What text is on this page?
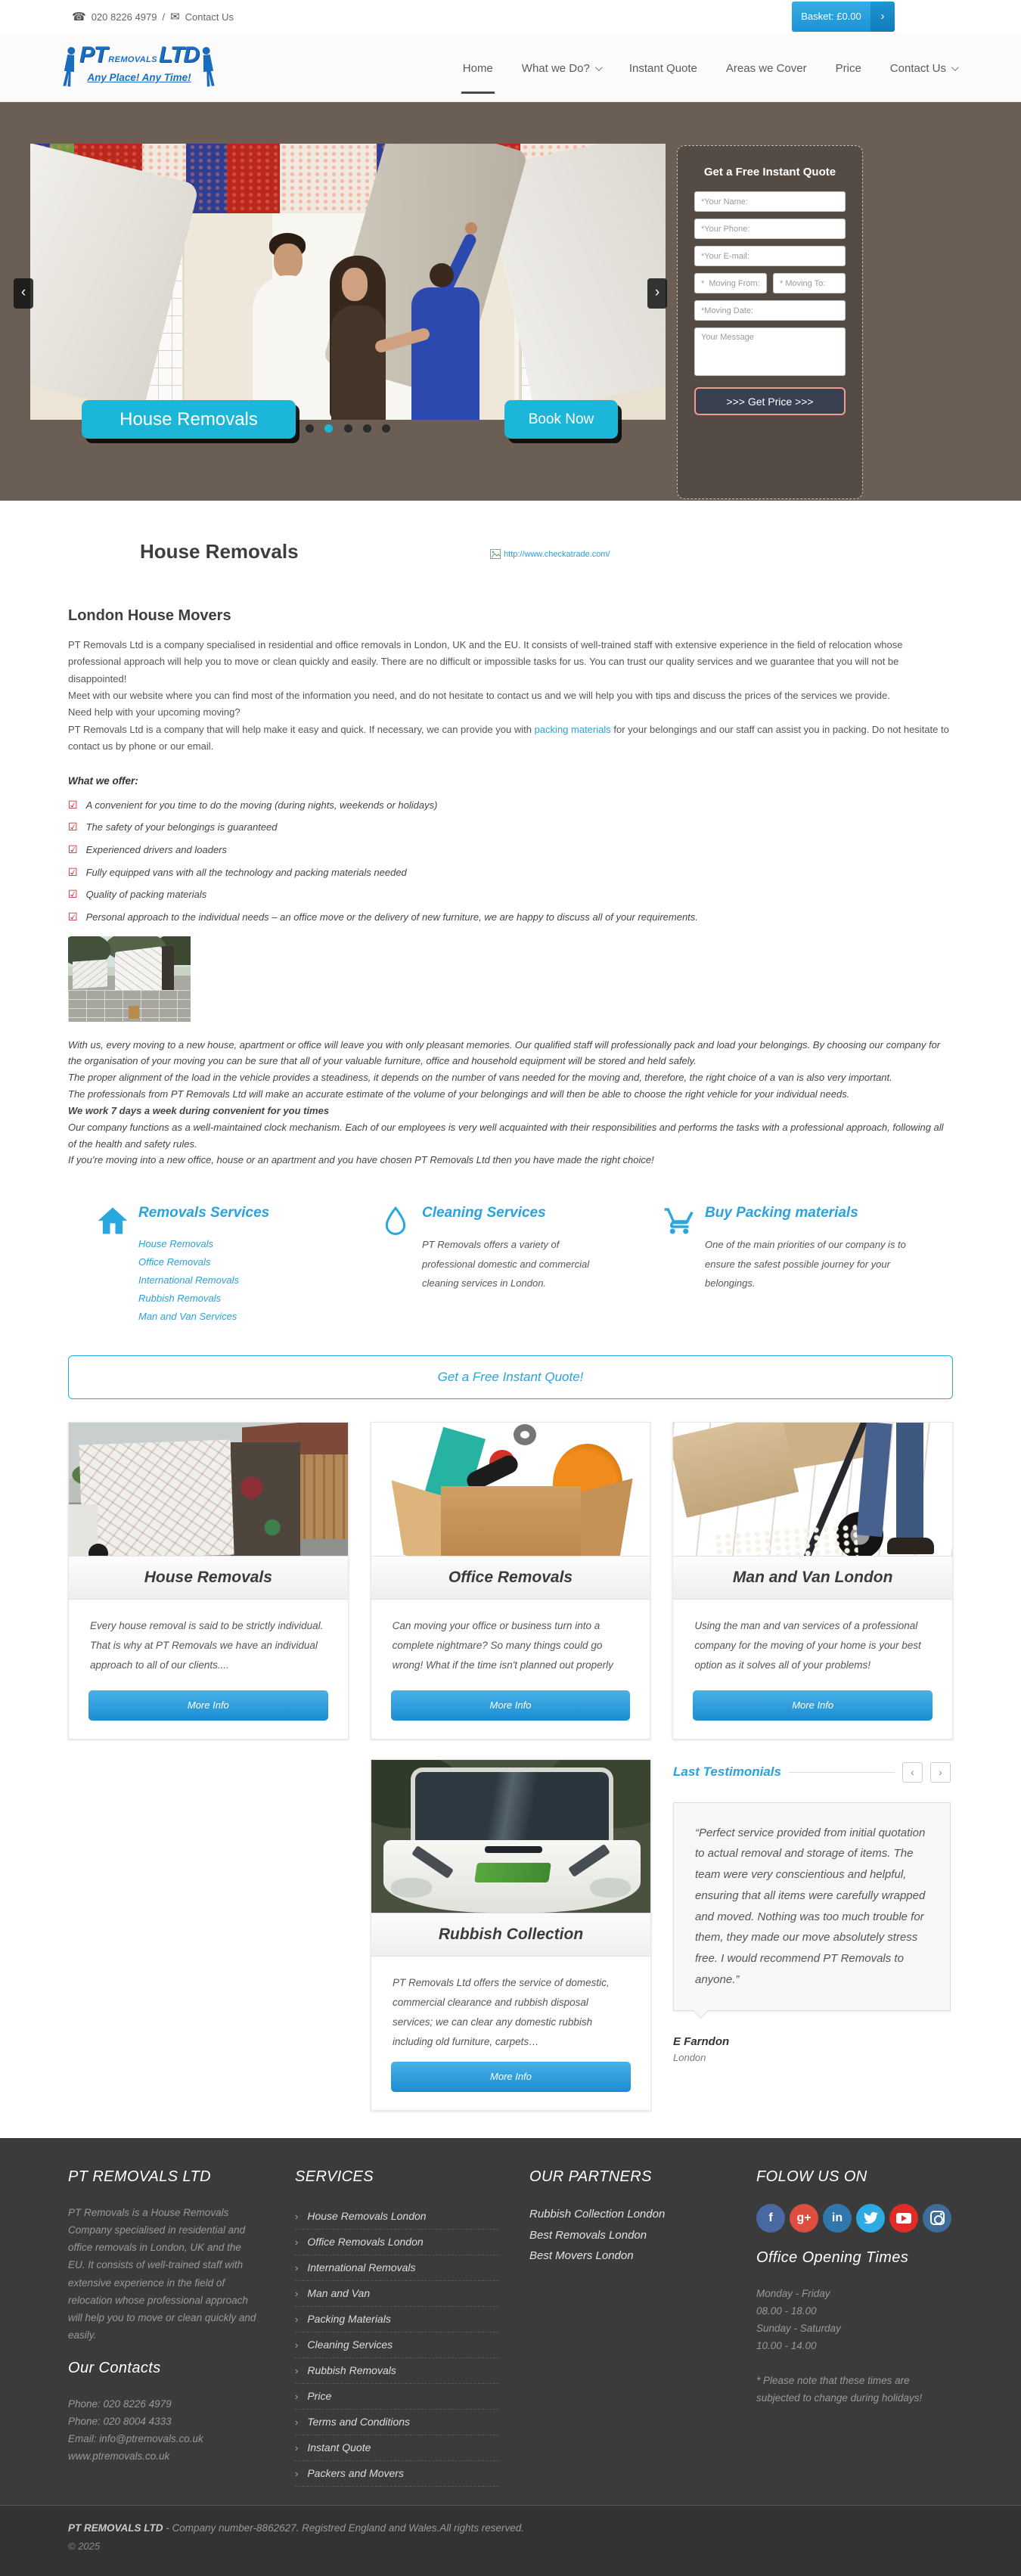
☎ 020 8226 4979 / ✉ Contact Us	Basket: £0.00	›
PT REMOVALS LTD
Any Place! Any Time!
Home	What we Do?	Instant Quote	Areas we Cover	Price	Contact Us
‹	›
House Removals	Book Now

Get a Free Instant Quote
*Your Name:
*Your Phone:
*Your E-mail:
* Moving From:
* Moving To:
*Moving Date:
Your Message
>>> Get Price >>>
House Removals	http://www.checkatrade.com/
London House Movers

PT Removals Ltd is a company specialised in residential and office removals in London, UK and the EU. It consists of well-trained staff with extensive experience in the field of relocation whose professional approach will help you to move or clean quickly and easily. There are no difficult or impossible tasks for us. You can trust our quality services and we guarantee that you will not be disappointed!

Meet with our website where you can find most of the information you need, and do not hesitate to contact us and we will help you with tips and discuss the prices of the services we provide.

Need help with your upcoming moving?

PT Removals Ltd is a company that will help make it easy and quick. If necessary, we can provide you with packing materials for your belongings and our staff can assist you in packing. Do not hesitate to contact us by phone or our email.

What we offer:
☑ A convenient for you time to do the moving (during nights, weekends or holidays)
☑ The safety of your belongings is guaranteed
☑ Experienced drivers and loaders
☑ Fully equipped vans with all the technology and packing materials needed
☑ Quality of packing materials
☑ Personal approach to the individual needs – an office move or the delivery of new furniture, we are happy to discuss all of your requirements.

With us, every moving to a new house, apartment or office will leave you with only pleasant memories. Our qualified staff will professionally pack and load your belongings. By choosing our company for the organisation of your moving you can be sure that all of your valuable furniture, office and household equipment will be stored and held safely.

The proper alignment of the load in the vehicle provides a steadiness, it depends on the number of vans needed for the moving and, therefore, the right choice of a van is also very important.

The professionals from PT Removals Ltd will make an accurate estimate of the volume of your belongings and will then be able to choose the right vehicle for your individual needs.

We work 7 days a week during convenient for you times

Our company functions as a well-maintained clock mechanism. Each of our employees is very well acquainted with their responsibilities and performs the tasks with a professional approach, following all of the health and safety rules.

If you’re moving into a new office, house or an apartment and you have chosen PT Removals Ltd then you have made the right choice!

Removals Services
House Removals
Office Removals
International Removals
Rubbish Removals
Man and Van Services
Cleaning Services

PT Removals offers a variety of professional domestic and commercial cleaning services in London.

Buy Packing materials

One of the main priorities of our company is to ensure the safest possible journey for your belongings.

Get a Free Instant Quote!
House Removals
Every house removal is said to be strictly individual. That is why at PT Removals we have an individual approach to all of our clients....
More Info
Office Removals
Can moving your office or business turn into a complete nightmare? So many things could go wrong! What if the time isn't planned out properly
More Info
Man and Van London
Using the man and van services of a professional company for the moving of your home is your best option as it solves all of your problems!
More Info
Rubbish Collection
PT Removals Ltd offers the service of domestic, commercial clearance and rubbish disposal services; we can clear any domestic rubbish including old furniture, carpets…
More Info
Last Testimonials	‹	›
“Perfect service provided from initial quotation to actual removal and storage of items. The team were very conscientious and helpful, ensuring that all items were carefully wrapped and moved. Nothing was too much trouble for them, they made our move absolutely stress free. I would recommend PT Removals to anyone.”
E Farndon
London
PT REMOVALS LTD

PT Removals is a House Removals Company specialised in residential and office removals in London, UK and the EU. It consists of well-trained staff with extensive experience in the field of relocation whose professional approach will help you to move or clean quickly and easily.

Our Contacts

Phone: 020 8226 4979

Phone: 020 8004 4333

Email: info@ptremovals.co.uk

www.ptremovals.co.uk

SERVICES
› House Removals London
› Office Removals London
› International Removals
› Man and Van
› Packing Materials
› Cleaning Services
› Rubbish Removals
› Price
› Terms and Conditions
› Instant Quote
› Packers and Movers
OUR PARTNERS
Rubbish Collection London
Best Removals London
Best Movers London
FOLOW US ON
f	g+	in
Office Opening Times

Monday - Friday

08.00 - 18.00

Sunday - Saturday

10.00 - 14.00

* Please note that these times are subjected to change during holidays!

PT REMOVALS LTD - Company number-8862627. Registred England and Wales.All rights reserved.
© 2025
